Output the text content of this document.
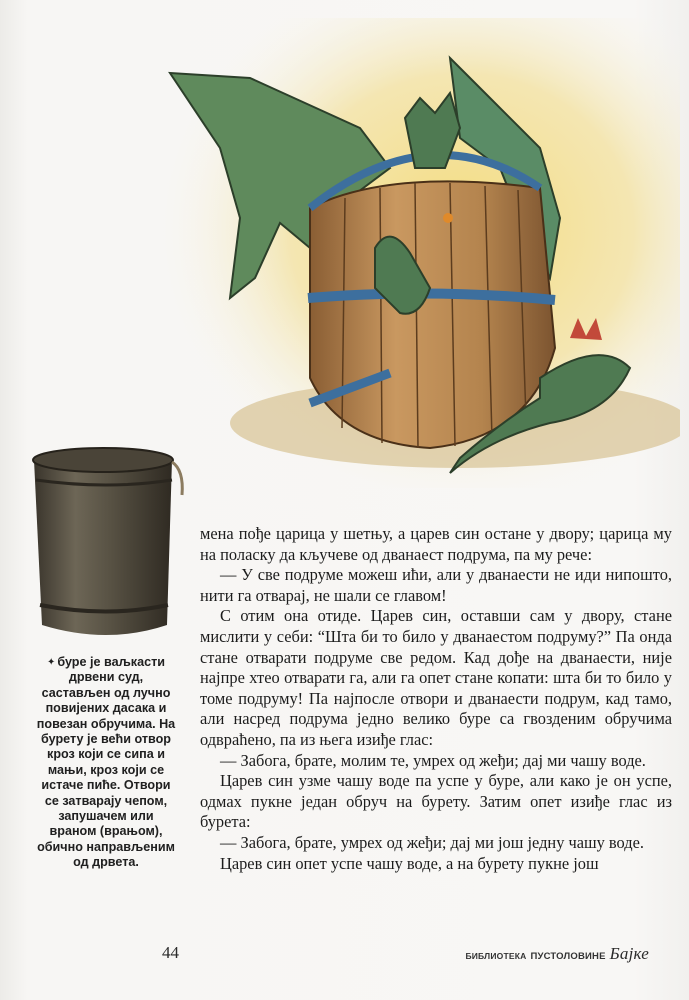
✦ буре је ваљкасти дрвени суд, састављен од лучно повијених дасака и повезан обручима. На бурету је већи отвор кроз који се сипа и мањи, кроз који се истаче пиће. Отвори се затварају чепом, запушачем или враном (врањом), обично направљеним од дрвета.

мена пође царица у шетњу, а царев син остане у двору; царица му на поласку да кључеве од дванаест подрума, па му рече:

— У све подруме можеш ићи, али у дванаести не иди нипошто, нити га отварај, не шали се главом!

С отим она отиде. Царев син, оставши сам у двору, стане мислити у себи: “Шта би то било у дванаестом подруму?” Па онда стане отварати подруме све редом. Кад дође на дванаести, није најпре хтео отварати га, али га опет стане копати: шта би то било у томе подруму! Па најпосле отвори и дванаести подрум, кад тамо, али насред подрума једно велико буре са гвозденим обручима одвраћено, па из њега изиђе глас:

— Забога, брате, молим те, умрех од жеђи; дај ми чашу воде.

Царев син узме чашу воде па успе у буре, али како је он успе, одмах пукне један обруч на бурету. Затим опет изиђе глас из бурета:

— Забога, брате, умрех од жеђи; дај ми још једну чашу воде.

Царев син опет успе чашу воде, а на бурету пукне још

44	БИБЛИОТЕКА ПУСТОЛОВИНЕ Бајке
